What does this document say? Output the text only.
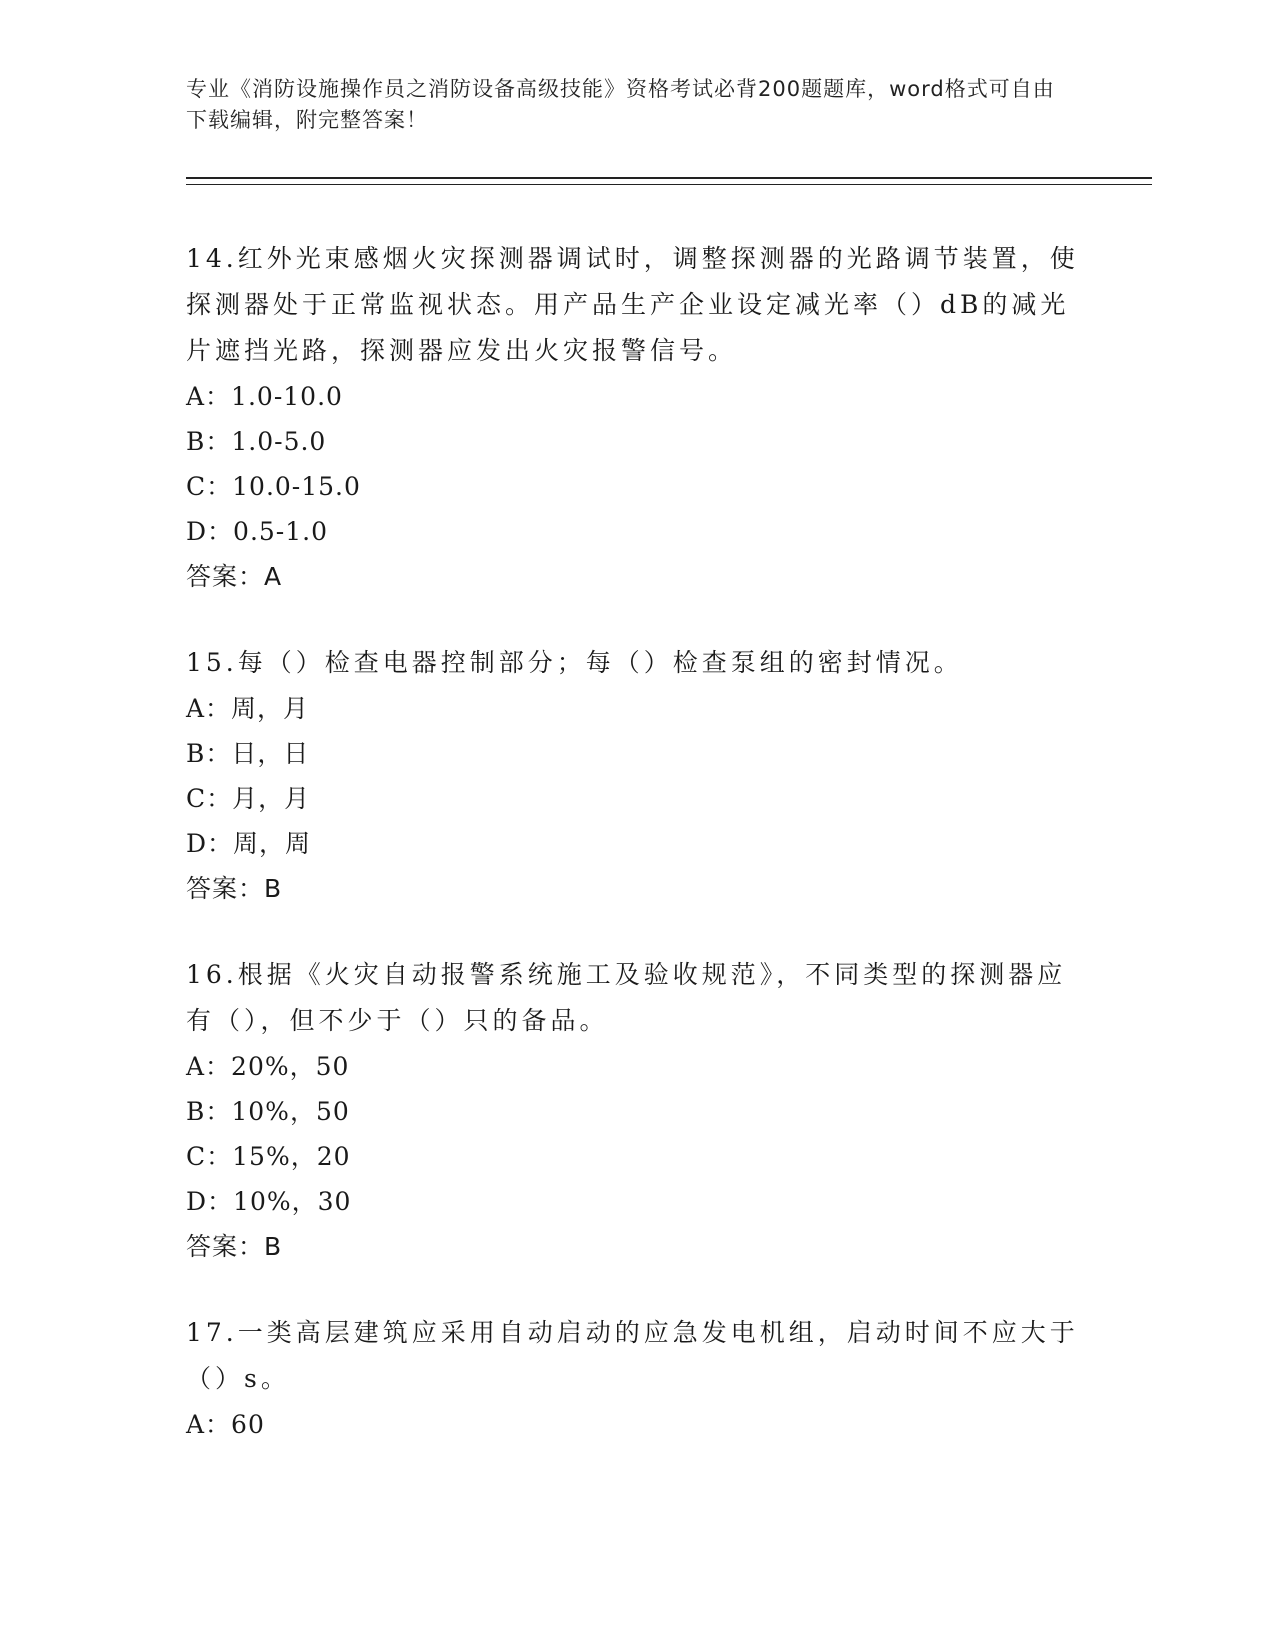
专业《消防设施操作员之消防设备高级技能》资格考试必背200题题库，word格式可自由下载编辑，附完整答案！

14.红外光束感烟火灾探测器调试时，调整探测器的光路调节装置，使探测器处于正常监视状态。用产品生产企业设定减光率（）dB的减光片遮挡光路，探测器应发出火灾报警信号。

A：1.0-10.0
B：1.0-5.0
C：10.0-15.0
D：0.5-1.0
答案：A

15.每（）检查电器控制部分；每（）检查泵组的密封情况。

A：周，月
B：日，日
C：月，月
D：周，周
答案：B

16.根据《火灾自动报警系统施工及验收规范》，不同类型的探测器应有（），但不少于（）只的备品。

A：20%，50
B：10%，50
C：15%，20
D：10%，30
答案：B

17.一类高层建筑应采用自动启动的应急发电机组，启动时间不应大于（）s。

A：60
